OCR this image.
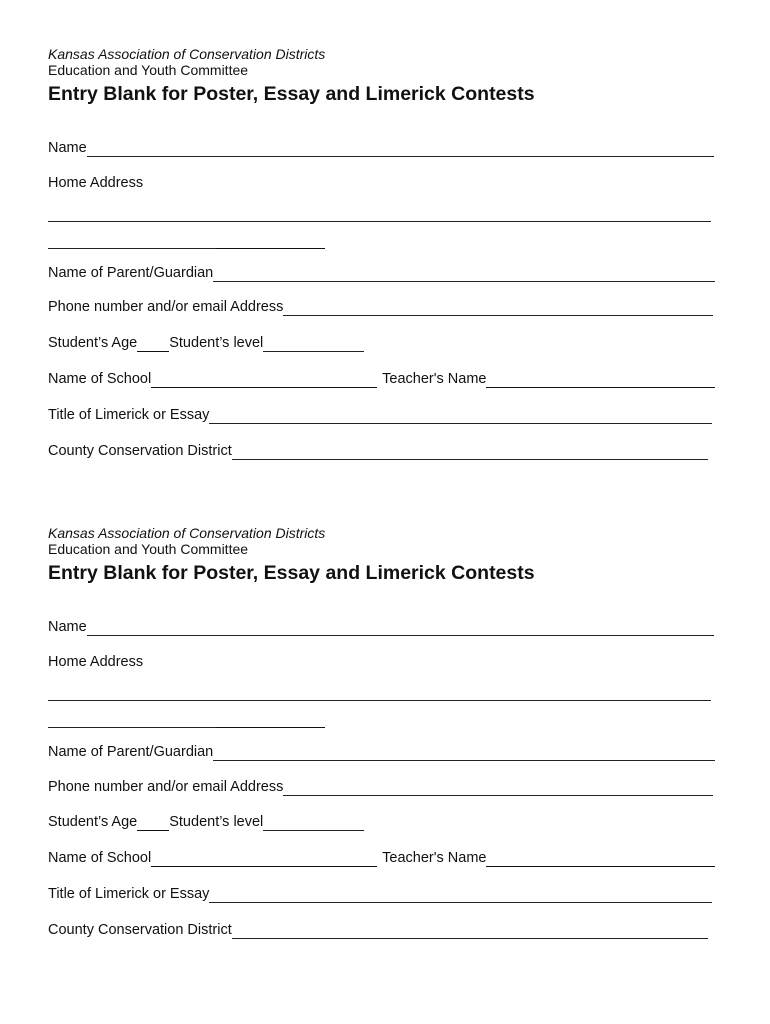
Kansas Association of Conservation Districts

Education and Youth Committee

Entry Blank for Poster, Essay and Limerick Contests

Name
Home Address
Name of Parent/Guardian
Phone number and/or email Address
Student’s Age Student’s level
Name of School	Teacher's Name
Title of Limerick or Essay
County Conservation District

Kansas Association of Conservation Districts

Education and Youth Committee

Entry Blank for Poster, Essay and Limerick Contests

Name
Home Address
Name of Parent/Guardian
Phone number and/or email Address
Student’s Age Student’s level
Name of School	Teacher's Name
Title of Limerick or Essay
County Conservation District
